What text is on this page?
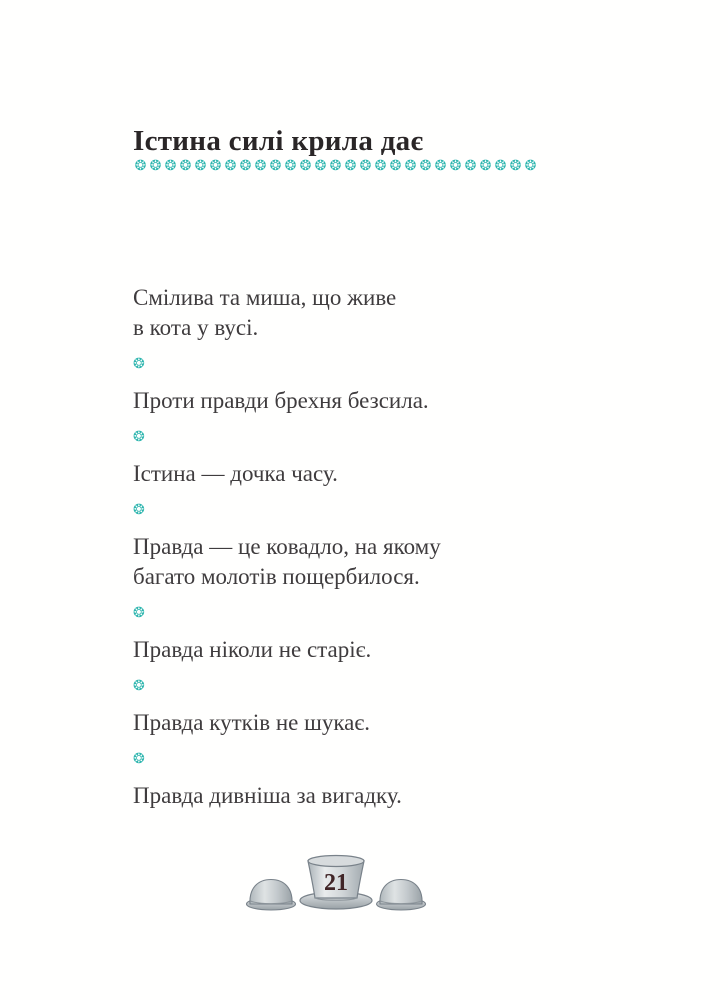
Істина силі крила дає
❂ ❂ ❂ ❂ ❂ ❂ ❂ ❂ ❂ ❂ ❂ ❂ ❂ ❂ ❂ ❂ ❂ ❂ ❂ ❂ ❂ ❂ ❂ ❂ ❂ ❂ ❂
Смілива та миша, що живе
в кота у вусі.
❂
Проти правди брехня безсила.
❂
Істина — дочка часу.
❂
Правда — це ковадло, на якому
багато молотів пощербилося.
❂
Правда ніколи не старіє.
❂
Правда кутків не шукає.
❂
Правда дивніша за вигадку.
21
